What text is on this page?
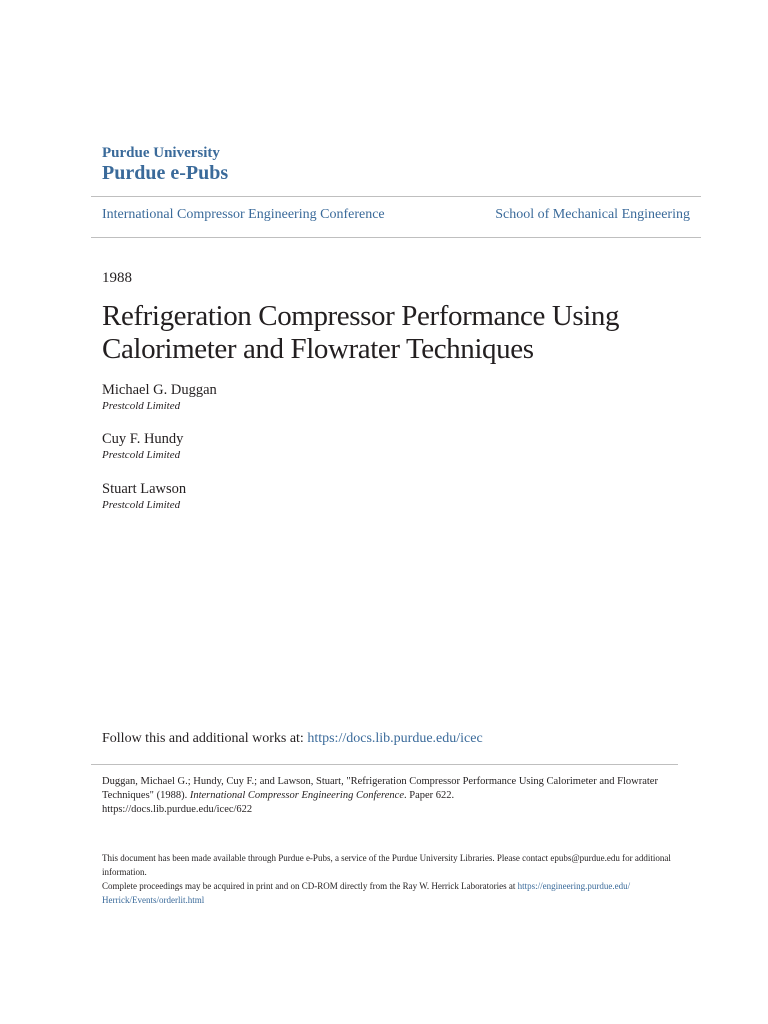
Purdue University
Purdue e-Pubs
International Compressor Engineering Conference	School of Mechanical Engineering
1988
Refrigeration Compressor Performance Using
Calorimeter and Flowrater Techniques
Michael G. Duggan
Prestcold Limited
Cuy F. Hundy
Prestcold Limited
Stuart Lawson
Prestcold Limited
Follow this and additional works at: https://docs.lib.purdue.edu/icec
Duggan, Michael G.; Hundy, Cuy F.; and Lawson, Stuart, "Refrigeration Compressor Performance Using Calorimeter and Flowrater Techniques" (1988). International Compressor Engineering Conference. Paper 622.
https://docs.lib.purdue.edu/icec/622
This document has been made available through Purdue e-Pubs, a service of the Purdue University Libraries. Please contact epubs@purdue.edu for additional information.
Complete proceedings may be acquired in print and on CD-ROM directly from the Ray W. Herrick Laboratories at https://engineering.purdue.edu/
Herrick/Events/orderlit.html
